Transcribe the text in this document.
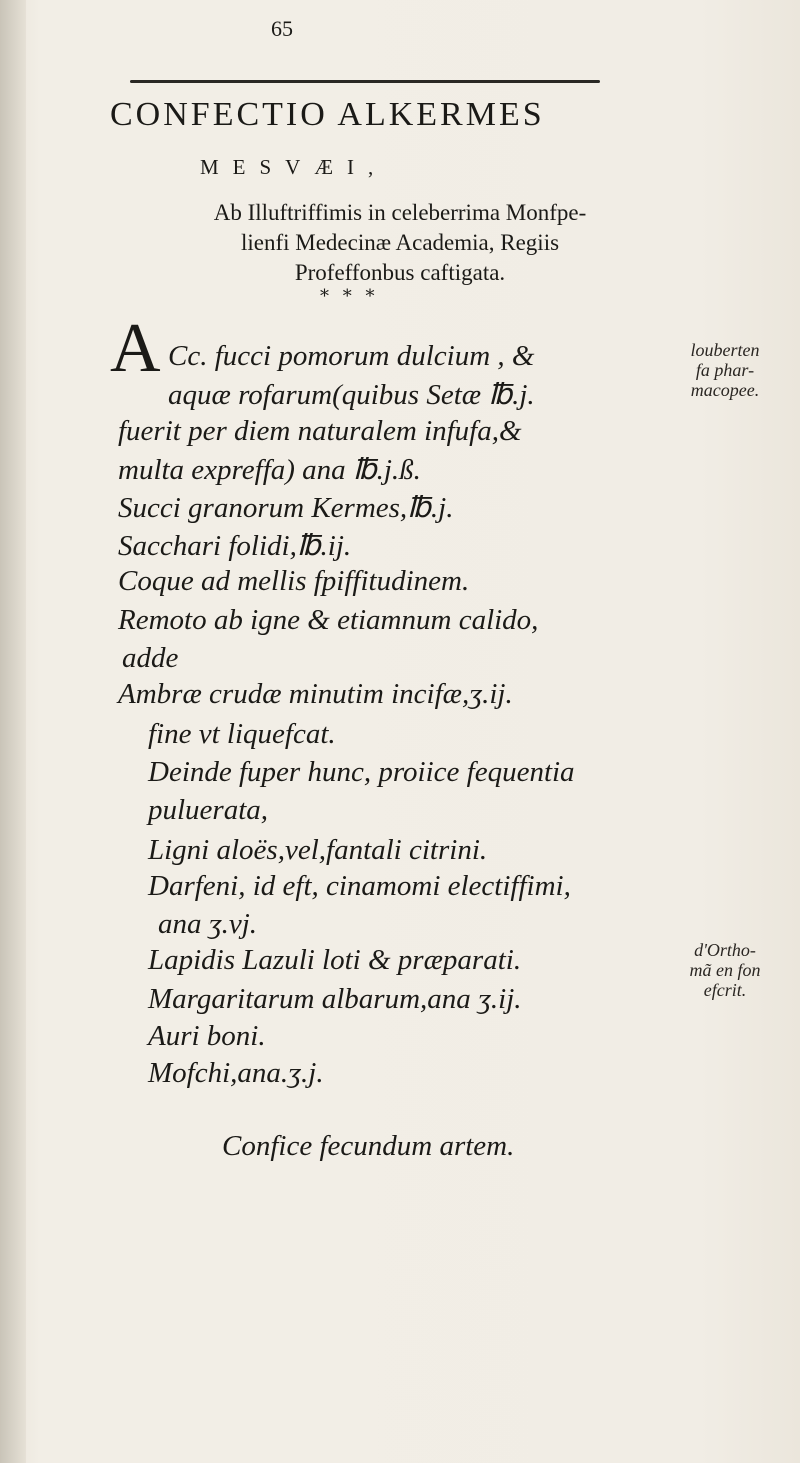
65
CONFECTIO ALKERMES
MESVÆI,
Ab Illuftriffimis in celeberrima Monfpe-
lienfi Medecinæ Academia, Regiis
Profeffonbus caftigata.
* * *
A Cc. fucci pomorum dulcium , &
aquæ rofarum(quibus Setæ ℔.j.
fuerit per diem naturalem infufa,&
multa expreffa) ana ℔.j.ß.
Succi granorum Kermes,℔.j.
Sacchari folidi,℔.ij.
Coque ad mellis fpiffitudinem.
Remoto ab igne & etiamnum calido,
adde
Ambræ crudæ minutim incifæ,ʒ.ij.
fine vt liquefcat.
Deinde fuper hunc, proiice fequentia
puluerata,
Ligni aloës,vel,fantali citrini.
Darfeni, id eft, cinamomi electiffimi,
ana ʒ.vj.
Lapidis Lazuli loti & præparati.
Margaritarum albarum,ana ʒ.ij.
Auri boni.
Mofchi,ana.ʒ.j.
Confice fecundum artem.
louberten
fa phar-
macopee.
d'Ortho-
mã en fon
efcrit.
